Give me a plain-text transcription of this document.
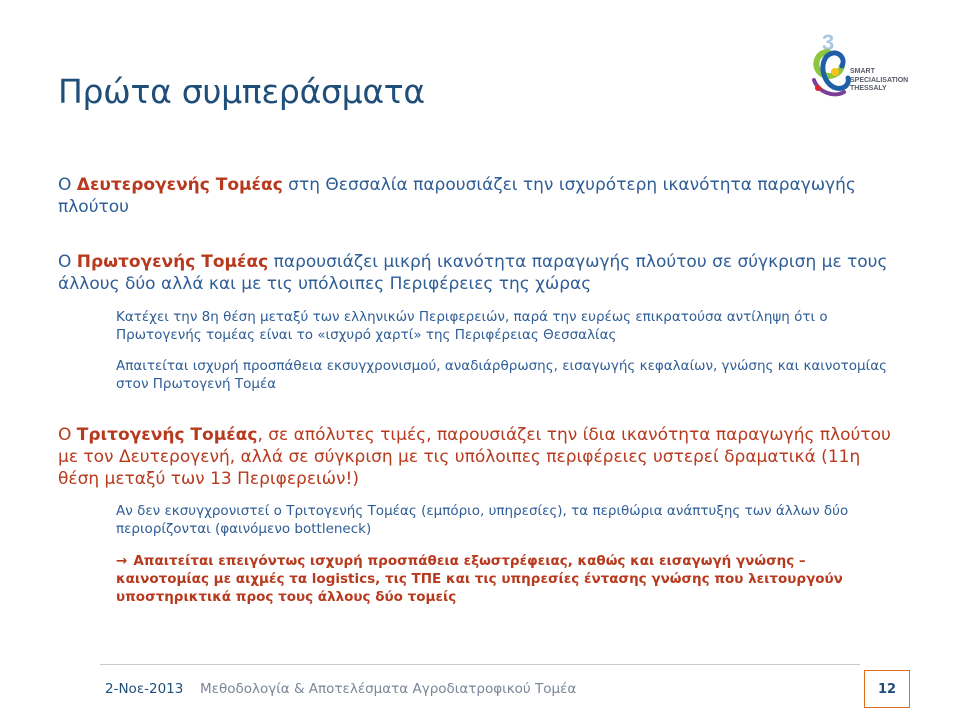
Πρώτα συμπεράσματα
3
SMART
SPECIALISATION
THESSALY
Ο Δευτερογενής Τομέας στη Θεσσαλία παρουσιάζει την ισχυρότερη ικανότητα παραγωγής πλούτου
Ο Πρωτογενής Τομέας παρουσιάζει μικρή ικανότητα παραγωγής πλούτου σε σύγκριση με τους άλλους δύο αλλά και με τις υπόλοιπες Περιφέρειες της χώρας
Κατέχει την 8η θέση μεταξύ των ελληνικών Περιφερειών, παρά την ευρέως επικρατούσα αντίληψη ότι ο Πρωτογενής τομέας είναι το «ισχυρό χαρτί» της Περιφέρειας Θεσσαλίας
Απαιτείται ισχυρή προσπάθεια εκσυγχρονισμού, αναδιάρθρωσης, εισαγωγής κεφαλαίων, γνώσης και καινοτομίας στον Πρωτογενή Τομέα
Ο Τριτογενής Τομέας, σε απόλυτες τιμές, παρουσιάζει την ίδια ικανότητα παραγωγής πλούτου με τον Δευτερογενή, αλλά σε σύγκριση με τις υπόλοιπες περιφέρειες υστερεί δραματικά (11η θέση μεταξύ των 13 Περιφερειών!)
Αν δεν εκσυγχρονιστεί ο Τριτογενής Τομέας (εμπόριο, υπηρεσίες), τα περιθώρια ανάπτυξης των άλλων δύο περιορίζονται (φαινόμενο bottleneck)
→ Απαιτείται επειγόντως ισχυρή προσπάθεια εξωστρέφειας, καθώς και εισαγωγή γνώσης – καινοτομίας με αιχμές τα logistics, τις ΤΠΕ και τις υπηρεσίες έντασης γνώσης που λειτουργούν υποστηρικτικά προς τους άλλους δύο τομείς
2-Νοε-2013 Μεθοδολογία & Αποτελέσματα Αγροδιατροφικού Τομέα	12
